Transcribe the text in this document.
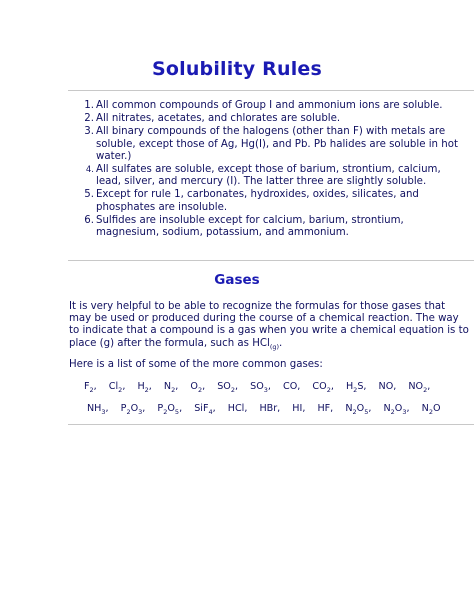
Solubility Rules
1. All common compounds of Group I and ammonium ions are soluble.
2. All nitrates, acetates, and chlorates are soluble.
3. All binary compounds of the halogens (other than F) with metals are soluble, except those of Ag, Hg(I), and Pb. Pb halides are soluble in hot water.)
4. All sulfates are soluble, except those of barium, strontium, calcium, lead, silver, and mercury (I). The latter three are slightly soluble.
5. Except for rule 1, carbonates, hydroxides, oxides, silicates, and phosphates are insoluble.
6. Sulfides are insoluble except for calcium, barium, strontium, magnesium, sodium, potassium, and ammonium.
Gases

It is very helpful to be able to recognize the formulas for those gases that may be used or produced during the course of a chemical reaction. The way to indicate that a compound is a gas when you write a chemical equation is to place (g) after the formula, such as HCl$_{(g)}$.

Here is a list of some of the more common gases:

$F_2$, $Cl_2$, $H_2$, $N_2$, $O_2$, $SO_2$, $SO_3$, CO, $CO_2$, $H_2S$, NO, $NO_2$,
$NH_3$, $P_2O_3$, $P_2O_5$, SiF$_4$, HCl, HBr, HI, HF, $N_2O_5$, $N_2O_3$, $N_2O$
